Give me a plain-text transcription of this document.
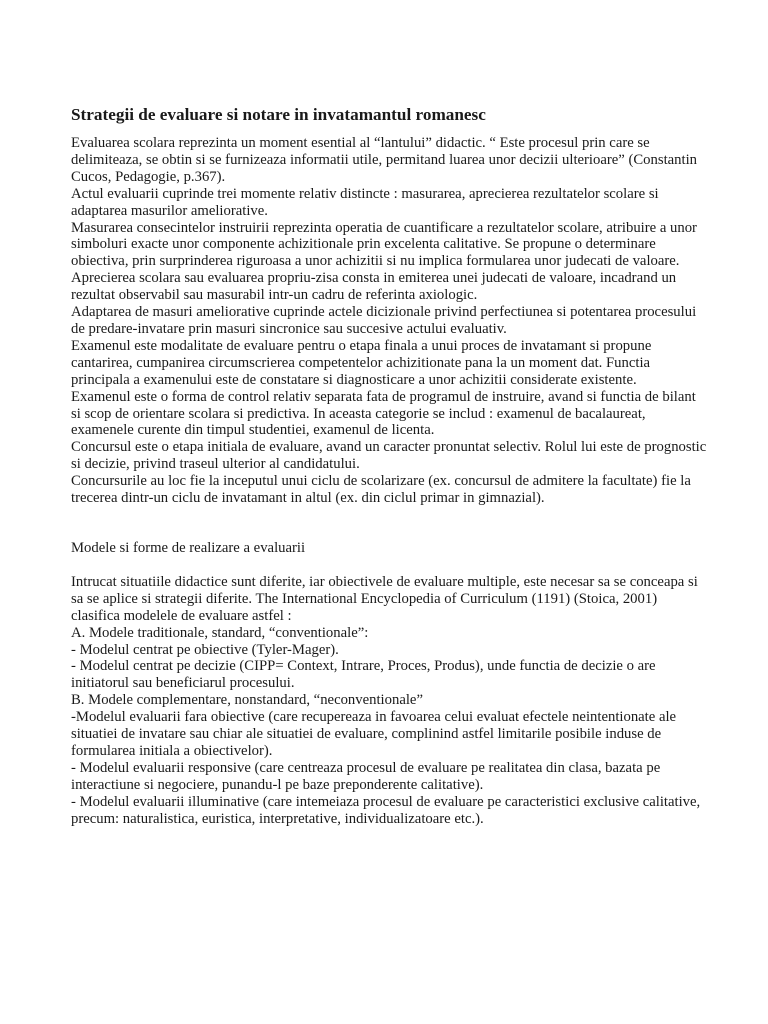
Strategii de evaluare si notare in invatamantul romanesc

Evaluarea scolara reprezinta un moment esential al “lantului” didactic. “ Este procesul prin care se delimiteaza, se obtin si se furnizeaza informatii utile, permitand luarea unor decizii ulterioare” (Constantin Cucos, Pedagogie, p.367).

Actul evaluarii cuprinde trei momente relativ distincte : masurarea, aprecierea rezultatelor scolare si adaptarea masurilor ameliorative.

Masurarea consecintelor instruirii reprezinta operatia de cuantificare a rezultatelor scolare, atribuire a unor simboluri exacte unor componente achizitionale prin excelenta calitative. Se propune o determinare obiectiva, prin surprinderea riguroasa a unor achizitii si nu implica formularea unor judecati de valoare.

Aprecierea scolara sau evaluarea propriu-zisa consta in emiterea unei judecati de valoare, incadrand un rezultat observabil sau masurabil intr-un cadru de referinta axiologic.

Adaptarea de masuri ameliorative cuprinde actele dicizionale privind perfectiunea si potentarea procesului de predare-invatare prin masuri sincronice sau succesive actului evaluativ.

Examenul este modalitate de evaluare pentru o etapa finala a unui proces de invatamant si propune cantarirea, cumpanirea circumscrierea competentelor achizitionate pana la un moment dat. Functia principala a examenului este de constatare si diagnosticare a unor achizitii considerate existente.

Examenul este o forma de control relativ separata fata de programul de instruire, avand si functia de bilant si scop de orientare scolara si predictiva. In aceasta categorie se includ : examenul de bacalaureat, examenele curente din timpul studentiei, examenul de licenta.

Concursul este o etapa initiala de evaluare, avand un caracter pronuntat selectiv. Rolul lui este de prognostic si decizie, privind traseul ulterior al candidatului.

Concursurile au loc fie la inceputul unui ciclu de scolarizare (ex. concursul de admitere la facultate) fie la trecerea dintr-un ciclu de invatamant in altul (ex. din ciclul primar in gimnazial).

Modele si forme de realizare a evaluarii

Intrucat situatiile didactice sunt diferite, iar obiectivele de evaluare multiple, este necesar sa se conceapa si sa se aplice si strategii diferite. The International Encyclopedia of Curriculum (1191) (Stoica, 2001) clasifica modelele de evaluare astfel :

A. Modele traditionale, standard, “conventionale”:

- Modelul centrat pe obiective (Tyler-Mager).

- Modelul centrat pe decizie (CIPP= Context, Intrare, Proces, Produs), unde functia de decizie o are initiatorul sau beneficiarul procesului.

B. Modele complementare, nonstandard, “neconventionale”

-Modelul evaluarii fara obiective (care recupereaza in favoarea celui evaluat efectele neintentionate ale situatiei de invatare sau chiar ale situatiei de evaluare, complinind astfel limitarile posibile induse de formularea initiala a obiectivelor).

- Modelul evaluarii responsive (care centreaza procesul de evaluare pe realitatea din clasa, bazata pe interactiune si negociere, punandu-l pe baze preponderente calitative).

- Modelul evaluarii illuminative (care intemeiaza procesul de evaluare pe caracteristici exclusive calitative, precum: naturalistica, euristica, interpretative, individualizatoare etc.).
